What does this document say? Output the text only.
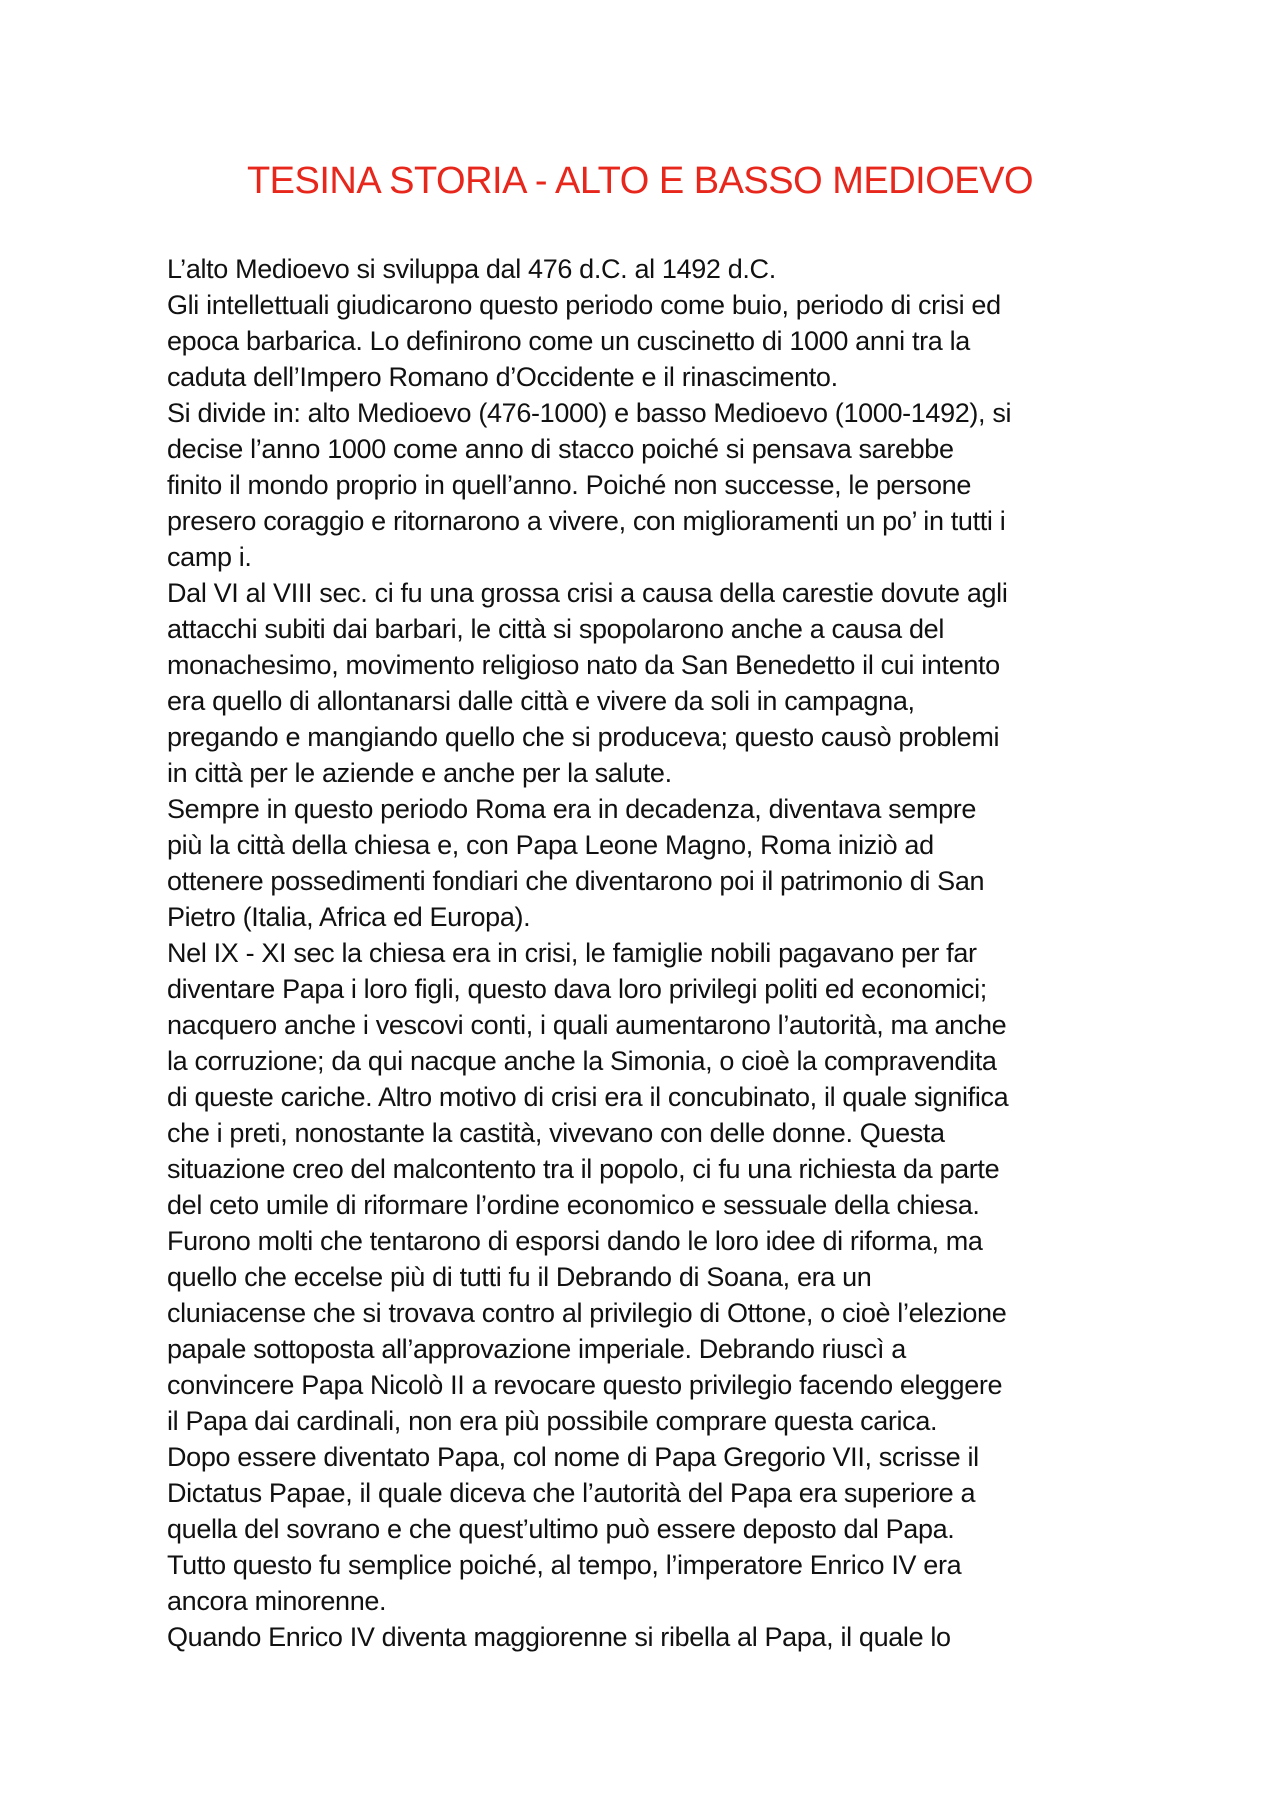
TESINA STORIA - ALTO E BASSO MEDIOEVO
L’alto Medioevo si sviluppa dal 476 d.C. al 1492 d.C.
Gli intellettuali giudicarono questo periodo come buio, periodo di crisi ed
epoca barbarica. Lo definirono come un cuscinetto di 1000 anni tra la
caduta dell’Impero Romano d’Occidente e il rinascimento.
Si divide in: alto Medioevo (476-1000) e basso Medioevo (1000-1492), si
decise l’anno 1000 come anno di stacco poiché si pensava sarebbe
finito il mondo proprio in quell’anno. Poiché non successe, le persone
presero coraggio e ritornarono a vivere, con miglioramenti un po’ in tutti i
camp i.
Dal VI al VIII sec. ci fu una grossa crisi a causa della carestie dovute agli
attacchi subiti dai barbari, le città si spopolarono anche a causa del
monachesimo, movimento religioso nato da San Benedetto il cui intento
era quello di allontanarsi dalle città e vivere da soli in campagna,
pregando e mangiando quello che si produceva; questo causò problemi
in città per le aziende e anche per la salute.
Sempre in questo periodo Roma era in decadenza, diventava sempre
più la città della chiesa e, con Papa Leone Magno, Roma iniziò ad
ottenere possedimenti fondiari che diventarono poi il patrimonio di San
Pietro (Italia, Africa ed Europa).
Nel IX - XI sec la chiesa era in crisi, le famiglie nobili pagavano per far
diventare Papa i loro figli, questo dava loro privilegi politi ed economici;
nacquero anche i vescovi conti, i quali aumentarono l’autorità, ma anche
la corruzione; da qui nacque anche la Simonia, o cioè la compravendita
di queste cariche. Altro motivo di crisi era il concubinato, il quale significa
che i preti, nonostante la castità, vivevano con delle donne. Questa
situazione creo del malcontento tra il popolo, ci fu una richiesta da parte
del ceto umile di riformare l’ordine economico e sessuale della chiesa.
Furono molti che tentarono di esporsi dando le loro idee di riforma, ma
quello che eccelse più di tutti fu il Debrando di Soana, era un
cluniacense che si trovava contro al privilegio di Ottone, o cioè l’elezione
papale sottoposta all’approvazione imperiale. Debrando riuscì a
convincere Papa Nicolò II a revocare questo privilegio facendo eleggere
il Papa dai cardinali, non era più possibile comprare questa carica.
Dopo essere diventato Papa, col nome di Papa Gregorio VII, scrisse il
Dictatus Papae, il quale diceva che l’autorità del Papa era superiore a
quella del sovrano e che quest’ultimo può essere deposto dal Papa.
Tutto questo fu semplice poiché, al tempo, l’imperatore Enrico IV era
ancora minorenne.
Quando Enrico IV diventa maggiorenne si ribella al Papa, il quale lo
